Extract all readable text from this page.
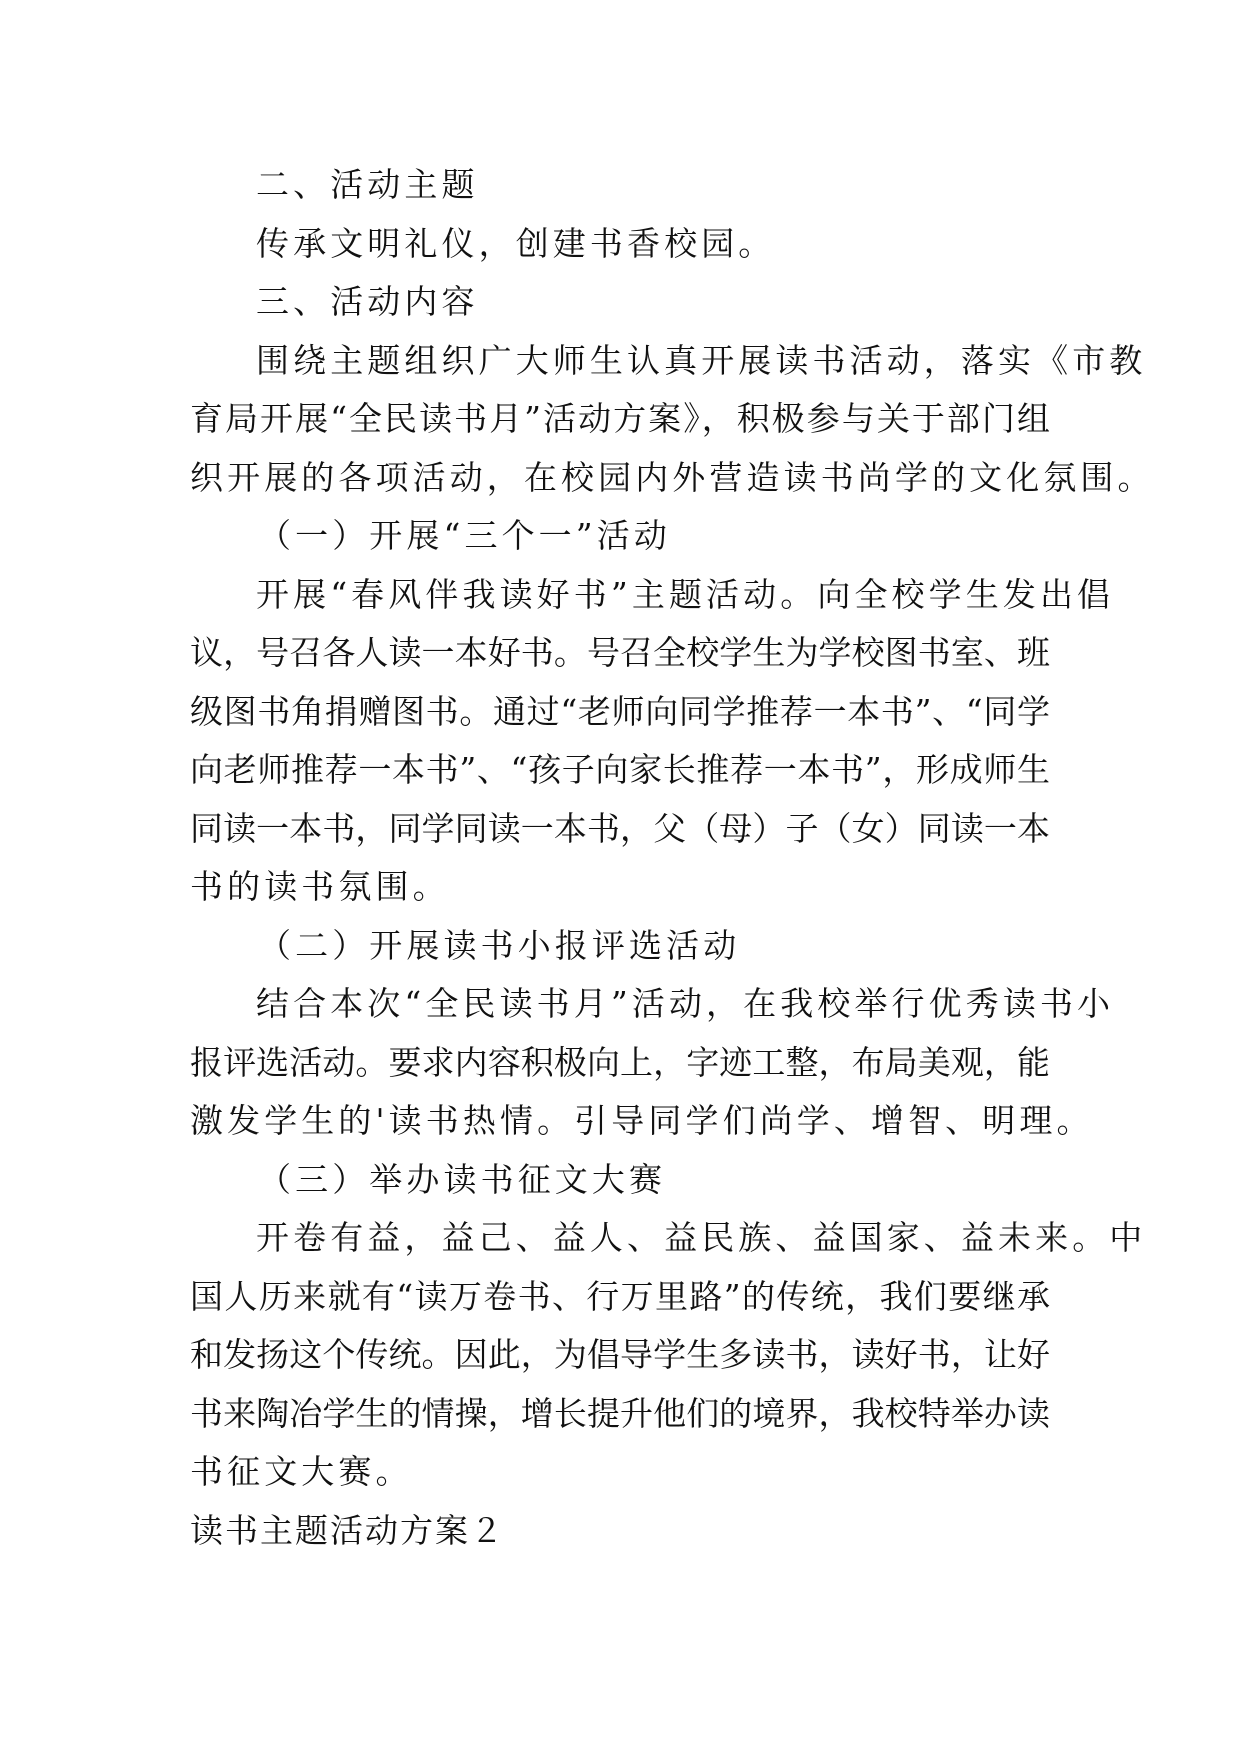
二、活动主题
传承文明礼仪，创建书香校园。
三、活动内容
围绕主题组织广大师生认真开展读书活动，落实《市教
育局开展“全民读书月”活动方案》，积极参与关于部门组
织开展的各项活动，在校园内外营造读书尚学的文化氛围。
（一）开展“三个一”活动
开展“春风伴我读好书”主题活动。向全校学生发出倡
议，号召各人读一本好书。号召全校学生为学校图书室、班
级图书角捐赠图书。通过“老师向同学推荐一本书”、“同学
向老师推荐一本书”、“孩子向家长推荐一本书”，形成师生
同读一本书，同学同读一本书，父（母）子（女）同读一本
书的读书氛围。
（二）开展读书小报评选活动
结合本次“全民读书月”活动，在我校举行优秀读书小
报评选活动。要求内容积极向上，字迹工整，布局美观，能
激发学生的'读书热情。引导同学们尚学、增智、明理。
（三）举办读书征文大赛
开卷有益，益己、益人、益民族、益国家、益未来。中
国人历来就有“读万卷书、行万里路”的传统，我们要继承
和发扬这个传统。因此，为倡导学生多读书，读好书，让好
书来陶冶学生的情操，增长提升他们的境界，我校特举办读
书征文大赛。
读书主题活动方案２
